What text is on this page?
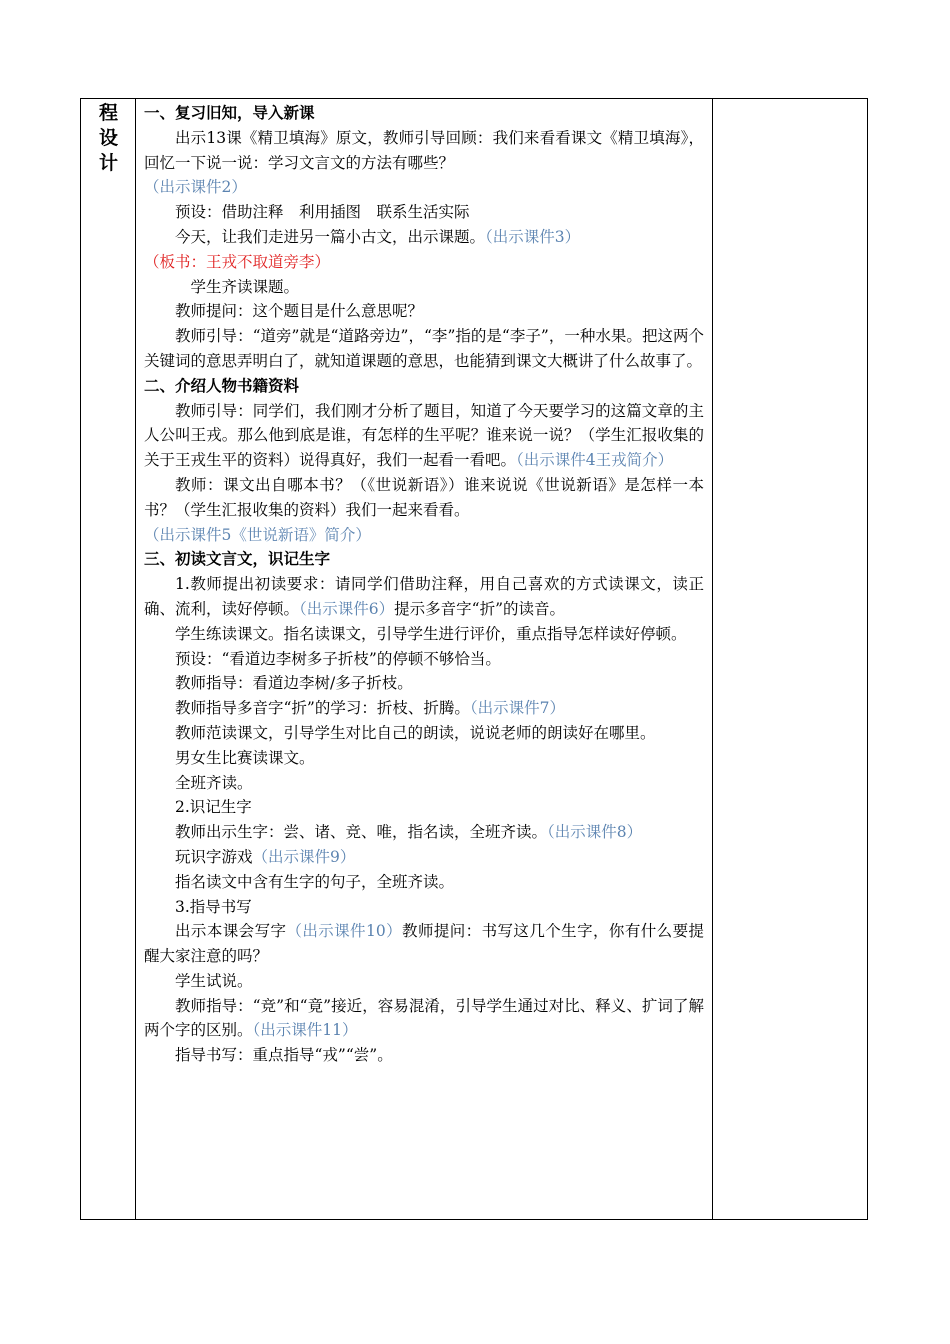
程
设
计

一、复习旧知，导入新课

出示13课《精卫填海》原文，教师引导回顾：我们来看看课文《精卫填海》，回忆一下说一说：学习文言文的方法有哪些？
（出示课件2）

预设：借助注释　利用插图　联系生活实际

今天，让我们走进另一篇小古文，出示课题。（出示课件3）
（板书：王戎不取道旁李）

学生齐读课题。

教师提问：这个题目是什么意思呢？

教师引导：“道旁”就是“道路旁边”，“李”指的是“李子”，一种水果。把这两个关键词的意思弄明白了，就知道课题的意思，也能猜到课文大概讲了什么故事了。

二、介绍人物书籍资料

教师引导：同学们，我们刚才分析了题目，知道了今天要学习的这篇文章的主人公叫王戎。那么他到底是谁，有怎样的生平呢？谁来说一说？（学生汇报收集的关于王戎生平的资料）说得真好，我们一起看一看吧。（出示课件4王戎简介）

教师：课文出自哪本书？（《世说新语》）谁来说说《世说新语》是怎样一本书？（学生汇报收集的资料）我们一起来看看。
（出示课件5《世说新语》简介）

三、初读文言文，识记生字

1.教师提出初读要求：请同学们借助注释，用自己喜欢的方式读课文，读正确、流利，读好停顿。（出示课件6）提示多音字“折”的读音。

学生练读课文。指名读课文，引导学生进行评价，重点指导怎样读好停顿。

预设：“看道边李树多子折枝”的停顿不够恰当。

教师指导：看道边李树/多子折枝。

教师指导多音字“折”的学习：折枝、折腾。（出示课件7）

教师范读课文，引导学生对比自己的朗读，说说老师的朗读好在哪里。

男女生比赛读课文。

全班齐读。

2.识记生字

教师出示生字：尝、诸、竞、唯，指名读，全班齐读。（出示课件8）

玩识字游戏（出示课件9）

指名读文中含有生字的句子，全班齐读。

3.指导书写

出示本课会写字（出示课件10）教师提问：书写这几个生字，你有什么要提醒大家注意的吗？

学生试说。

教师指导：“竞”和“竟”接近，容易混淆，引导学生通过对比、释义、扩词了解两个字的区别。（出示课件11）

指导书写：重点指导“戎”“尝”。
